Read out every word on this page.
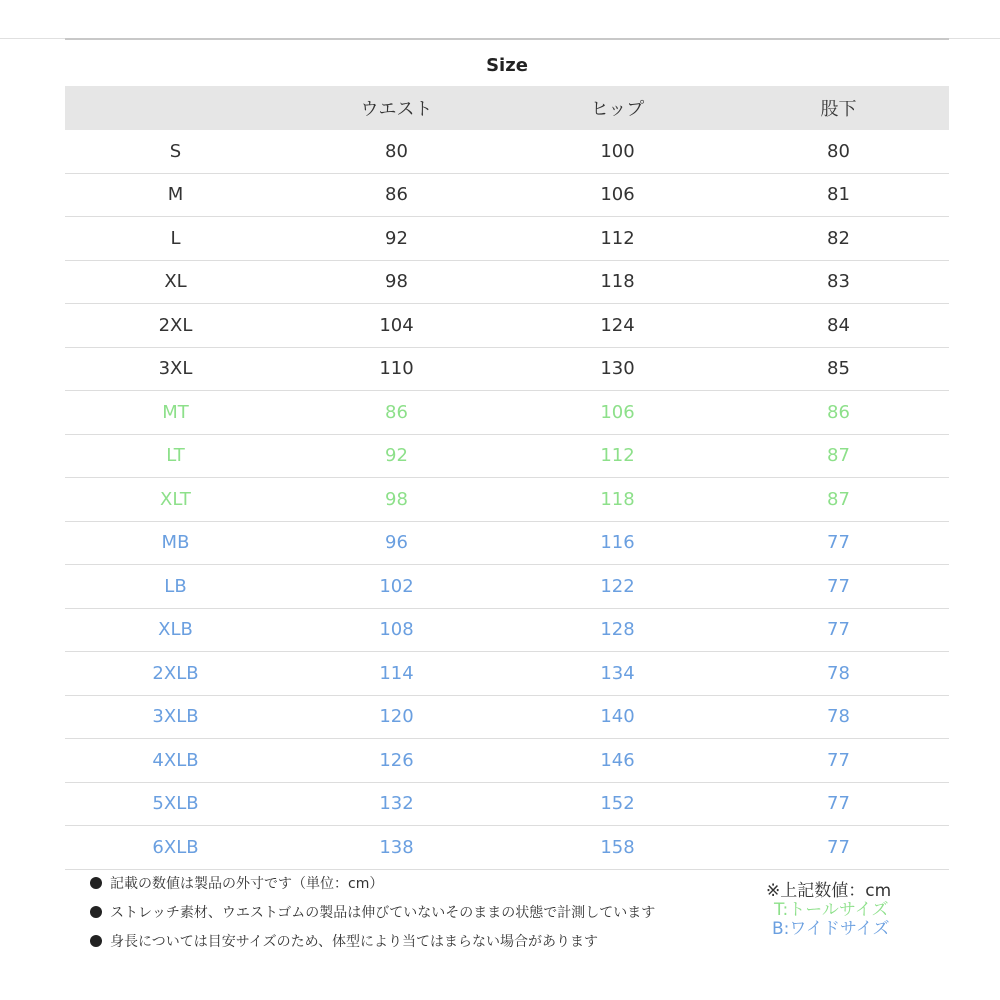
Size
	ウエスト	ヒップ	股下
S	80	100	80
M	86	106	81
L	92	112	82
XL	98	118	83
2XL	104	124	84
3XL	110	130	85
MT	86	106	86
LT	92	112	87
XLT	98	118	87
MB	96	116	77
LB	102	122	77
XLB	108	128	77
2XLB	114	134	78
3XLB	120	140	78
4XLB	126	146	77
5XLB	132	152	77
6XLB	138	158	77
記載の数値は製品の外寸です（単位：cm）
ストレッチ素材、ウエストゴムの製品は伸びていないそのままの状態で計測しています
身長については目安サイズのため、体型により当てはまらない場合があります
※上記数値：cm
T:トールサイズ
B:ワイドサイズ
